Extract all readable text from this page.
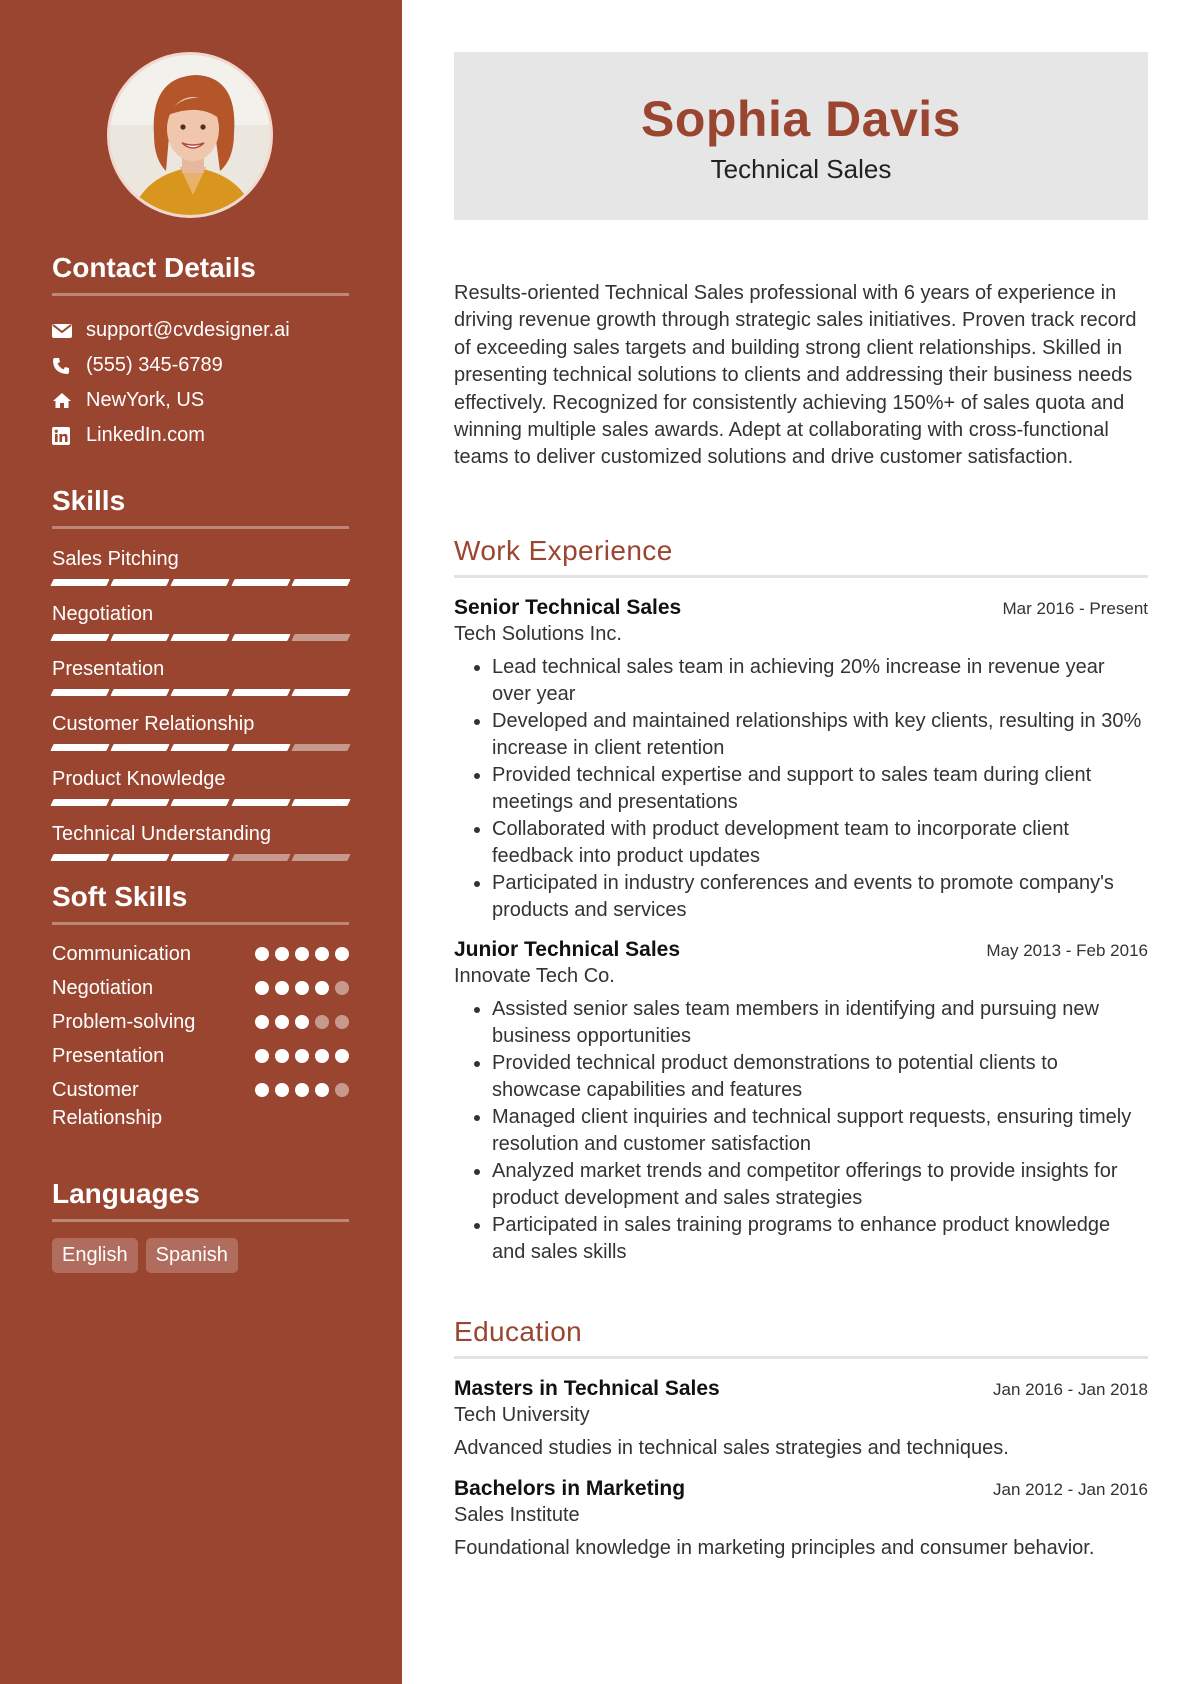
Contact Details
support@cvdesigner.ai
(555) 345-6789
NewYork, US
LinkedIn.com
Skills
Sales Pitching
Negotiation
Presentation
Customer Relationship
Product Knowledge
Technical Understanding
Soft Skills
Communication
Negotiation
Problem-solving
Presentation
Customer Relationship
Languages
English	Spanish
Sophia Davis
Technical Sales
Results-oriented Technical Sales professional with 6 years of experience in driving revenue growth through strategic sales initiatives. Proven track record of exceeding sales targets and building strong client relationships. Skilled in presenting technical solutions to clients and addressing their business needs effectively. Recognized for consistently achieving 150%+ of sales quota and winning multiple sales awards. Adept at collaborating with cross-functional teams to deliver customized solutions and drive customer satisfaction.
Work Experience
Senior Technical Sales	Mar 2016 - Present
Tech Solutions Inc.
• Lead technical sales team in achieving 20% increase in revenue year over year
• Developed and maintained relationships with key clients, resulting in 30% increase in client retention
• Provided technical expertise and support to sales team during client meetings and presentations
• Collaborated with product development team to incorporate client feedback into product updates
• Participated in industry conferences and events to promote company's products and services
Junior Technical Sales	May 2013 - Feb 2016
Innovate Tech Co.
• Assisted senior sales team members in identifying and pursuing new business opportunities
• Provided technical product demonstrations to potential clients to showcase capabilities and features
• Managed client inquiries and technical support requests, ensuring timely resolution and customer satisfaction
• Analyzed market trends and competitor offerings to provide insights for product development and sales strategies
• Participated in sales training programs to enhance product knowledge and sales skills
Education
Masters in Technical Sales	Jan 2016 - Jan 2018
Tech University
Advanced studies in technical sales strategies and techniques.
Bachelors in Marketing	Jan 2012 - Jan 2016
Sales Institute
Foundational knowledge in marketing principles and consumer behavior.
